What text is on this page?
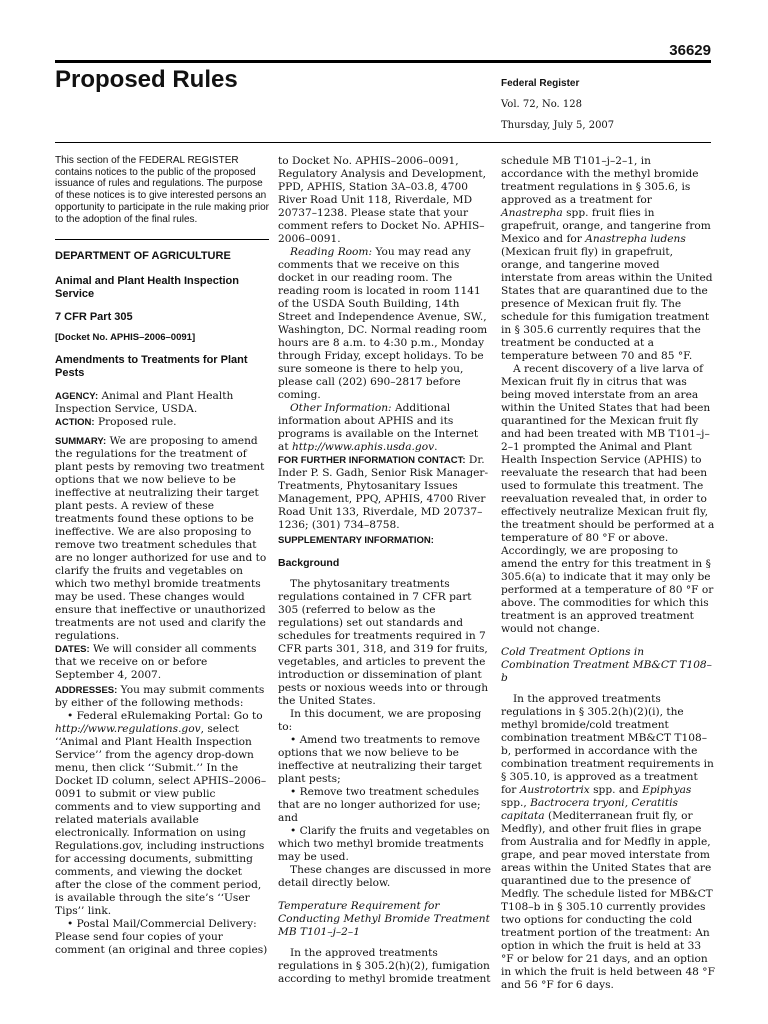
36629
Proposed Rules	Federal Register
Vol. 72, No. 128
Thursday, July 5, 2007

This section of the FEDERAL REGISTER contains notices to the public of the proposed issuance of rules and regulations. The purpose of these notices is to give interested persons an opportunity to participate in the rule making prior to the adoption of the final rules.

DEPARTMENT OF AGRICULTURE

Animal and Plant Health Inspection Service

7 CFR Part 305

[Docket No. APHIS–2006–0091]

Amendments to Treatments for Plant Pests

AGENCY: Animal and Plant Health Inspection Service, USDA.

ACTION: Proposed rule.

SUMMARY: We are proposing to amend the regulations for the treatment of plant pests by removing two treatment options that we now believe to be ineffective at neutralizing their target plant pests. A review of these treatments found these options to be ineffective. We are also proposing to remove two treatment schedules that are no longer authorized for use and to clarify the fruits and vegetables on which two methyl bromide treatments may be used. These changes would ensure that ineffective or unauthorized treatments are not used and clarify the regulations.

DATES: We will consider all comments that we receive on or before September 4, 2007.

ADDRESSES: You may submit comments by either of the following methods:

• Federal eRulemaking Portal: Go to http://www.regulations.gov, select ‘‘Animal and Plant Health Inspection Service’’ from the agency drop-down menu, then click ‘‘Submit.’’ In the Docket ID column, select APHIS–2006–0091 to submit or view public comments and to view supporting and related materials available electronically. Information on using Regulations.gov, including instructions for accessing documents, submitting comments, and viewing the docket after the close of the comment period, is available through the site’s ‘‘User Tips’’ link.

• Postal Mail/Commercial Delivery: Please send four copies of your comment (an original and three copies)

to Docket No. APHIS–2006–0091, Regulatory Analysis and Development, PPD, APHIS, Station 3A–03.8, 4700 River Road Unit 118, Riverdale, MD 20737–1238. Please state that your comment refers to Docket No. APHIS–2006–0091.

Reading Room: You may read any comments that we receive on this docket in our reading room. The reading room is located in room 1141 of the USDA South Building, 14th Street and Independence Avenue, SW., Washington, DC. Normal reading room hours are 8 a.m. to 4:30 p.m., Monday through Friday, except holidays. To be sure someone is there to help you, please call (202) 690–2817 before coming.

Other Information: Additional information about APHIS and its programs is available on the Internet at http://www.aphis.usda.gov.

FOR FURTHER INFORMATION CONTACT: Dr. Inder P. S. Gadh, Senior Risk Manager-Treatments, Phytosanitary Issues Management, PPQ, APHIS, 4700 River Road Unit 133, Riverdale, MD 20737–1236; (301) 734–8758.

SUPPLEMENTARY INFORMATION:

Background

The phytosanitary treatments regulations contained in 7 CFR part 305 (referred to below as the regulations) set out standards and schedules for treatments required in 7 CFR parts 301, 318, and 319 for fruits, vegetables, and articles to prevent the introduction or dissemination of plant pests or noxious weeds into or through the United States.

In this document, we are proposing to:

• Amend two treatments to remove options that we now believe to be ineffective at neutralizing their target plant pests;

• Remove two treatment schedules that are no longer authorized for use; and

• Clarify the fruits and vegetables on which two methyl bromide treatments may be used.

These changes are discussed in more detail directly below.

Temperature Requirement for Conducting Methyl Bromide Treatment MB T101–j–2–1

In the approved treatments regulations in § 305.2(h)(2), fumigation according to methyl bromide treatment

schedule MB T101–j–2–1, in accordance with the methyl bromide treatment regulations in § 305.6, is approved as a treatment for Anastrepha spp. fruit flies in grapefruit, orange, and tangerine from Mexico and for Anastrepha ludens (Mexican fruit fly) in grapefruit, orange, and tangerine moved interstate from areas within the United States that are quarantined due to the presence of Mexican fruit fly. The schedule for this fumigation treatment in § 305.6 currently requires that the treatment be conducted at a temperature between 70 and 85 °F.

A recent discovery of a live larva of Mexican fruit fly in citrus that was being moved interstate from an area within the United States that had been quarantined for the Mexican fruit fly and had been treated with MB T101–j–2–1 prompted the Animal and Plant Health Inspection Service (APHIS) to reevaluate the research that had been used to formulate this treatment. The reevaluation revealed that, in order to effectively neutralize Mexican fruit fly, the treatment should be performed at a temperature of 80 °F or above. Accordingly, we are proposing to amend the entry for this treatment in § 305.6(a) to indicate that it may only be performed at a temperature of 80 °F or above. The commodities for which this treatment is an approved treatment would not change.

Cold Treatment Options in Combination Treatment MB&CT T108–b

In the approved treatments regulations in § 305.2(h)(2)(i), the methyl bromide/cold treatment combination treatment MB&CT T108–b, performed in accordance with the combination treatment requirements in § 305.10, is approved as a treatment for Austrotortrix spp. and Epiphyas spp., Bactrocera tryoni, Ceratitis capitata (Mediterranean fruit fly, or Medfly), and other fruit flies in grape from Australia and for Medfly in apple, grape, and pear moved interstate from areas within the United States that are quarantined due to the presence of Medfly. The schedule listed for MB&CT T108–b in § 305.10 currently provides two options for conducting the cold treatment portion of the treatment: An option in which the fruit is held at 33 °F or below for 21 days, and an option in which the fruit is held between 48 °F and 56 °F for 6 days.
